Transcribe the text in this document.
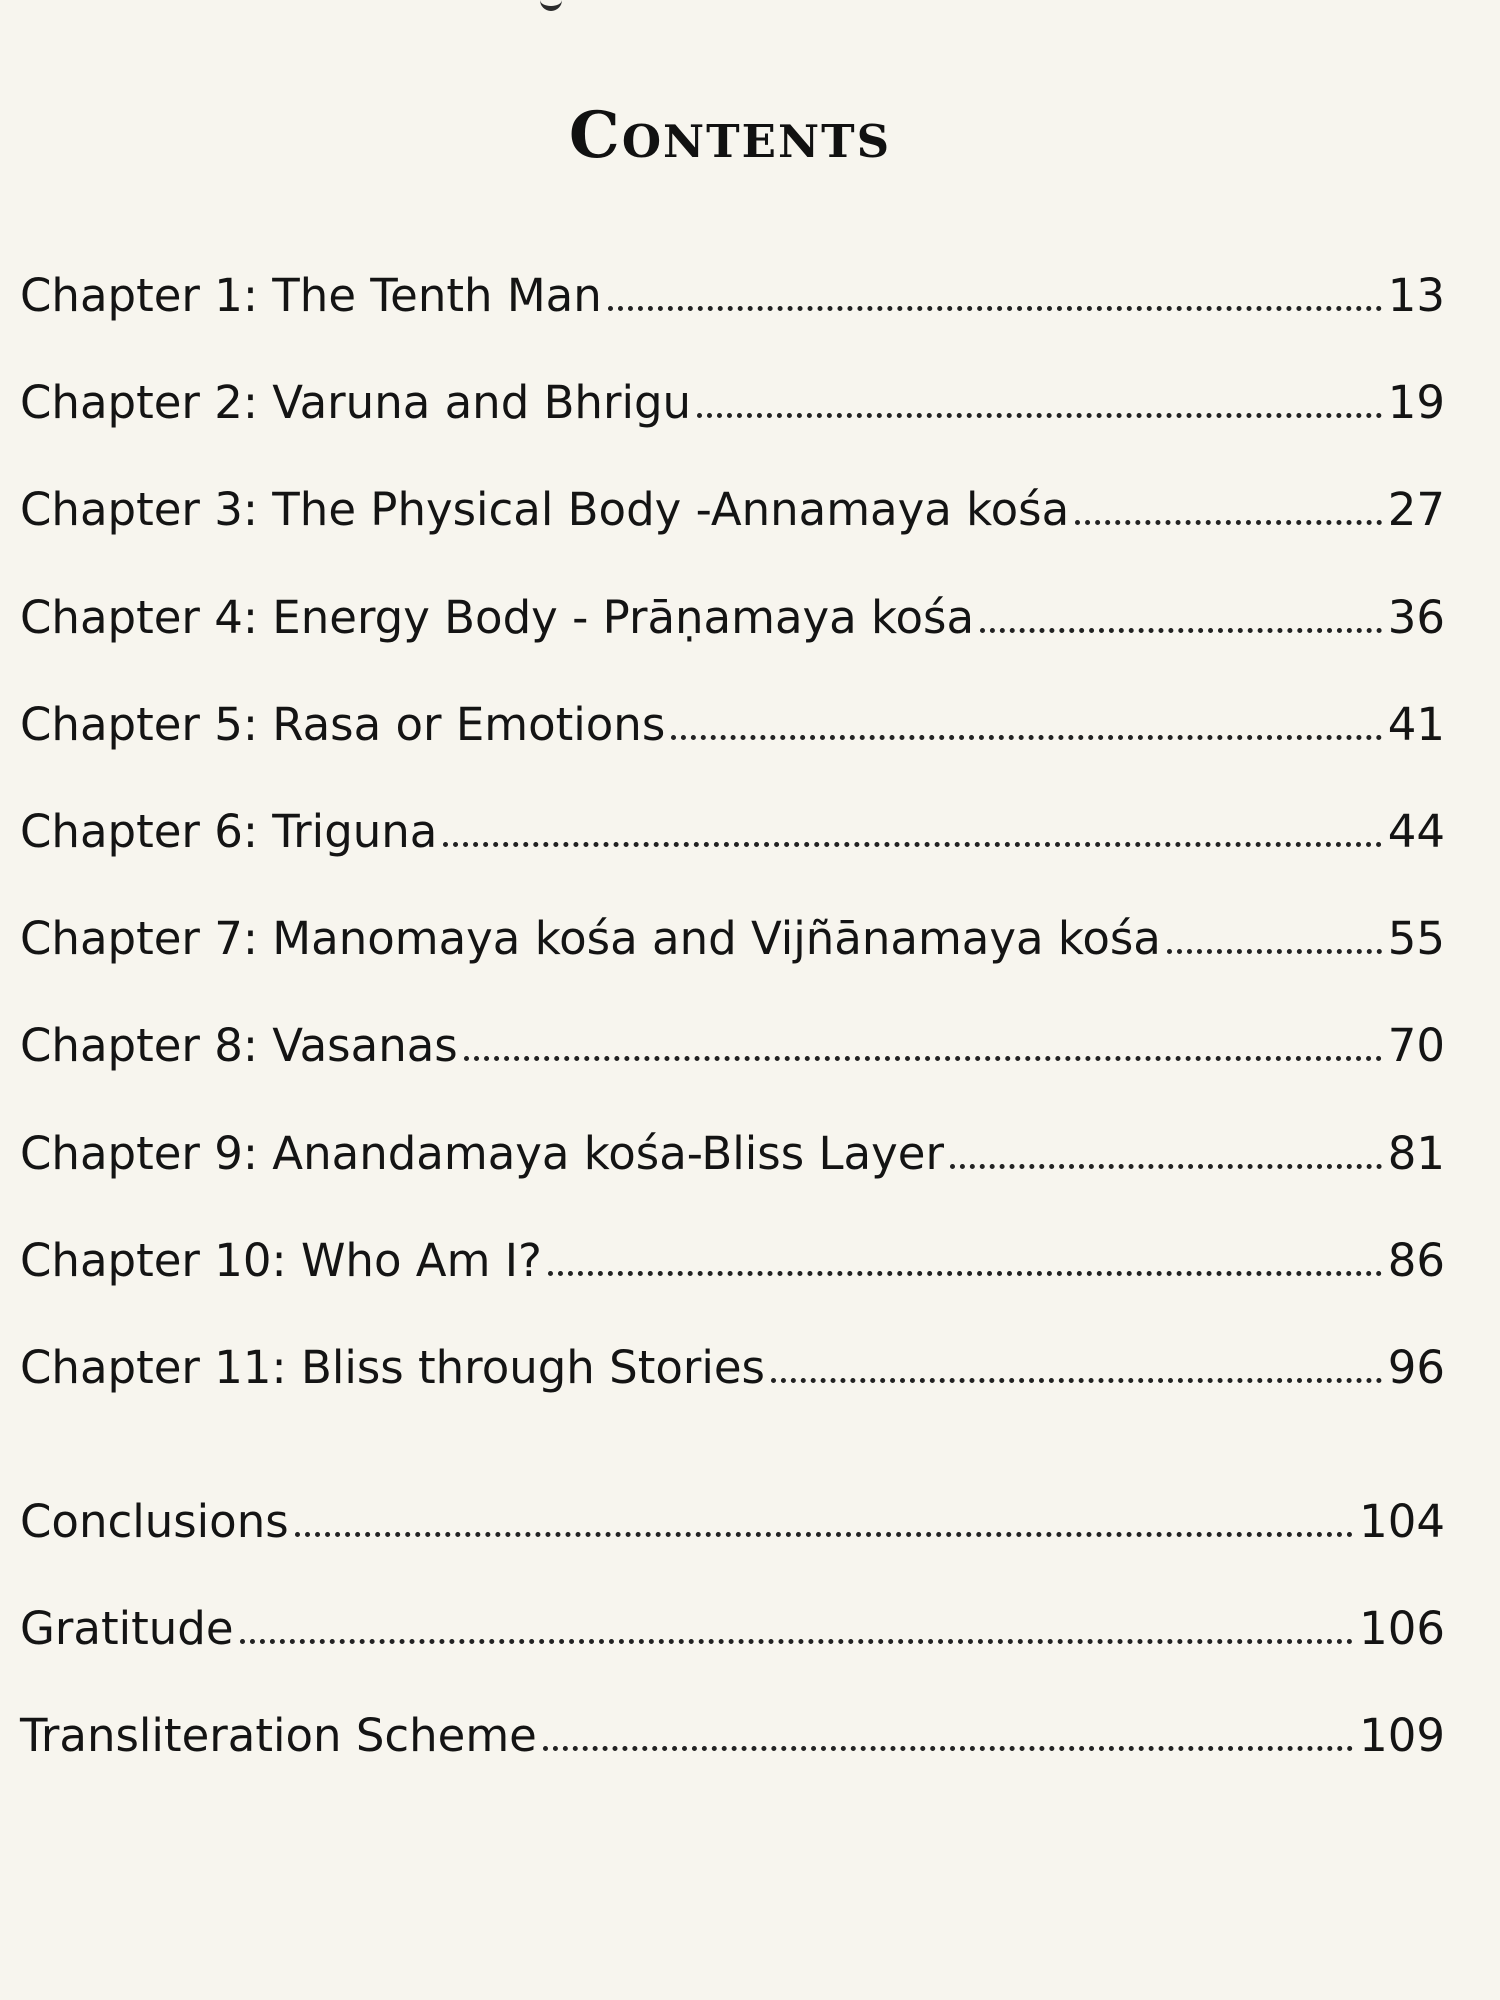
Contents
Chapter 1: The Tenth Man	13
Chapter 2: Varuna and Bhrigu	19
Chapter 3: The Physical Body -Annamaya kośa	27
Chapter 4: Energy Body - Prāṇamaya kośa	36
Chapter 5: Rasa or Emotions	41
Chapter 6: Triguna	44
Chapter 7: Manomaya kośa and Vijñānamaya kośa	55
Chapter 8: Vasanas	70
Chapter 9: Anandamaya kośa-Bliss Layer	81
Chapter 10: Who Am I?	86
Chapter 11: Bliss through Stories	96
Conclusions	104
Gratitude	106
Transliteration Scheme	109
